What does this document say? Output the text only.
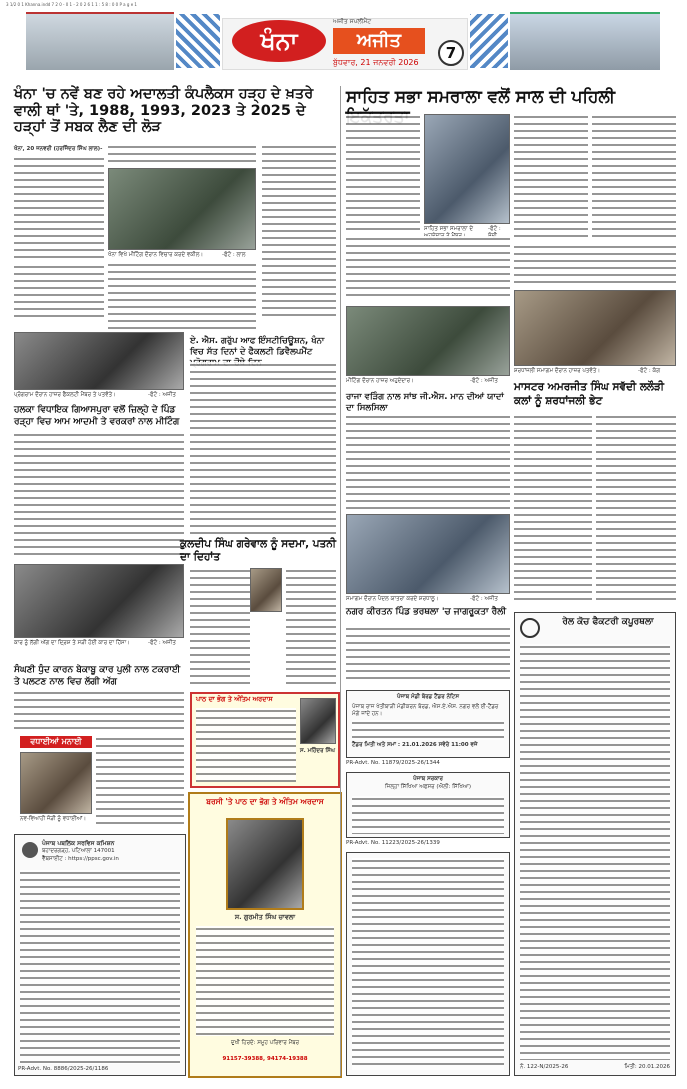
3 1/2 0 1 Khanna.indd 7 2 0 - 0 1 - 2 0 2 6 1 1 : 5 8 : 0 0 P a g e 1
ਖੰਨਾ
ਅਜੀਤ ਸਪਲੀਮੈਂਟ
ਅਜੀਤ
ਬੁੱਧਵਾਰ, 21 ਜਨਵਰੀ 2026
7
ਖੰਨਾ 'ਚ ਨਵੇਂ ਬਣ ਰਹੇ ਅਦਾਲਤੀ ਕੰਪਲੈਕਸ ਹੜ੍ਹ ਦੇ ਖ਼ਤਰੇ ਵਾਲੀ ਥਾਂ 'ਤੇ, 1988, 1993, 2023 ਤੇ 2025 ਦੇ ਹੜ੍ਹਾਂ ਤੋਂ ਸਬਕ ਲੈਣ ਦੀ ਲੋੜ
ਖੰਨਾ, 20 ਜਨਵਰੀ (ਹਰਜਿੰਦਰ ਸਿੰਘ ਲਾਲ)-
ਖੰਨਾ ਵਿਖੇ ਮੀਟਿੰਗ ਦੌਰਾਨ ਵਿਚਾਰ ਕਰਦੇ ਵਕੀਲ।	-ਫੋਟੋ : ਲਾਲ
ਏ. ਐਸ. ਗਰੁੱਪ ਆਫ ਇੰਸਟੀਚਿਊਸ਼ਨ, ਖੰਨਾ ਵਿਚ ਸੱਤ ਦਿਨਾਂ ਦੇ ਫੈਕਲਟੀ ਡਿਵੈਲਪਮੈਂਟ
ਪ੍ਰੋਗਰਾਮ ਦੌਰਾਨ ਹਾਜ਼ਰ ਫੈਕਲਟੀ ਮੈਂਬਰ ਤੇ ਪਤਵੰਤੇ।	-ਫੋਟੋ : ਅਜੀਤ
ਹਲਕਾ ਵਿਧਾਇਕ ਗਿਆਸਪੁਰਾ ਵਲੋਂ ਜ਼ਿਲ੍ਹੇ ਦੇ ਪਿੰਡ ਰੜ੍ਹਾ ਵਿਚ ਆਮ ਆਦਮੀ ਤੇ ਵਰਕਰਾਂ ਨਾਲ ਮੀਟਿੰਗ
ਕੁਲਦੀਪ ਸਿੰਘ ਗਰੇਵਾਲ ਨੂੰ ਸਦਮਾ, ਪਤਨੀ ਦਾ ਦਿਹਾਂਤ
ਕਾਰ ਨੂੰ ਲੱਗੀ ਅੱਗ ਦਾ ਦ੍ਰਿਸ਼ ਤੇ ਸੜੀ ਹੋਈ ਕਾਰ ਦਾ ਹਿੱਸਾ।	-ਫੋਟੋ : ਅਜੀਤ
ਸੰਘਣੀ ਧੁੰਦ ਕਾਰਨ ਬੇਕਾਬੂ ਕਾਰ ਪੁਲੀ ਨਾਲ ਟਕਰਾਈ ਤੇ ਪਲਟਣ ਨਾਲ ਵਿਚ ਲੱਗੀ ਅੱਗ
ਵਧਾਈਆਂ ਮਨਾਈ
ਨਵ-ਵਿਆਹੀ ਜੋੜੀ ਨੂੰ ਵਧਾਈਆਂ।
ਪੰਜਾਬ ਪਬਲਿਕ ਸਰਵਿਸ ਕਮਿਸ਼ਨ
ਬਹਾਦਰਗੜ੍ਹ, ਪਟਿਆਲਾ 147001
ਵੈੱਬਸਾਈਟ : https://ppsc.gov.in
PR-Advt. No. 8886/2025-26/1186
ਪਾਠ ਦਾ ਭੋਗ ਤੇ ਅੰਤਿਮ ਅਰਦਾਸ
ਸ. ਮਹਿੰਦਰ ਸਿੰਘ
ਬਰਸੀ 'ਤੇ ਪਾਠ ਦਾ ਭੋਗ ਤੇ ਅੰਤਿਮ ਅਰਦਾਸ
ਸ. ਗੁਰਮੀਤ ਸਿੰਘ ਚਾਵਲਾ
ਦੁਖੀ ਹਿਰਦੇ: ਸਮੂਹ ਪਰਿਵਾਰ ਮੈਂਬਰ
91157-39388, 94174-19388
ਸਾਹਿਤ ਸਭਾ ਸਮਰਾਲਾ ਵਲੋਂ ਸਾਲ ਦੀ ਪਹਿਲੀ
ਸਾਹਿਤ ਸਭਾ ਸਮਰਾਲਾ ਦੇ	-ਫੋਟੋ :
ਮੀਟਿੰਗ ਦੌਰਾਨ ਹਾਜ਼ਰ ਅਹੁਦੇਦਾਰ।	-ਫੋਟੋ : ਅਜੀਤ
ਰਾਜਾ ਵੜਿੰਗ ਨਾਲ ਸਾਂਝ ਜੀ.ਐਸ. ਮਾਨ ਦੀਆਂ ਯਾਦਾਂ ਦਾ ਸਿਲਸਿਲਾ
ਸਮਾਗਮ ਦੌਰਾਨ ਪੈਦਲ ਯਾਤਰਾ ਕਰਦੇ ਸ਼ਰਧਾਲੂ।	-ਫੋਟੋ : ਅਜੀਤ
ਨਗਰ ਕੀਰਤਨ ਪਿੰਡ ਭਰਥਲਾ 'ਚ ਜਾਗਰੂਕਤਾ ਰੈਲੀ
ਸ਼ਰਧਾਂਜਲੀ ਸਮਾਗਮ ਦੌਰਾਨ ਹਾਜ਼ਰ ਪਤਵੰਤੇ।	-ਫੋਟੋ : ਕੰਗ
ਮਾਸਟਰ ਅਮਰਜੀਤ ਸਿੰਘ ਸਵੱਦੀ ਲਲੌੜੀ ਕਲਾਂ ਨੂੰ ਸ਼ਰਧਾਂਜਲੀ ਭੇਟ
ਪੰਜਾਬ ਮੰਡੀ ਬੋਰਡ ਟੈਂਡਰ ਨੋਟਿਸ
ਪੰਜਾਬ ਰਾਜ ਖੇਤੀਬਾੜੀ ਮੰਡੀਕਰਨ ਬੋਰਡ, ਐਸ.ਏ.ਐਸ. ਨਗਰ ਵਲੋਂ ਈ-ਟੈਂਡਰ ਮੰਗੇ ਜਾਂਦੇ ਹਨ।
ਟੈਂਡਰ ਮਿਤੀ ਅਤੇ ਸਮਾਂ : 21.01.2026 ਸਵੇਰੇ 11:00 ਵਜੇ
PR-Advt. No. 11879/2025-26/1344
ਪੰਜਾਬ ਸਰਕਾਰ
ਜਿਲ੍ਹਾ ਸਿੱਖਿਆ ਅਫਸਰ (ਐਲੀ: ਸਿੱਖਿਆ)
PR-Advt. No. 11223/2025-26/1339
ਰੇਲ ਕੋਚ ਫੈਕਟਰੀ ਕਪੂਰਥਲਾ
ਨੰ. 122-N/2025-26	ਮਿਤੀ: 20.01.2026
